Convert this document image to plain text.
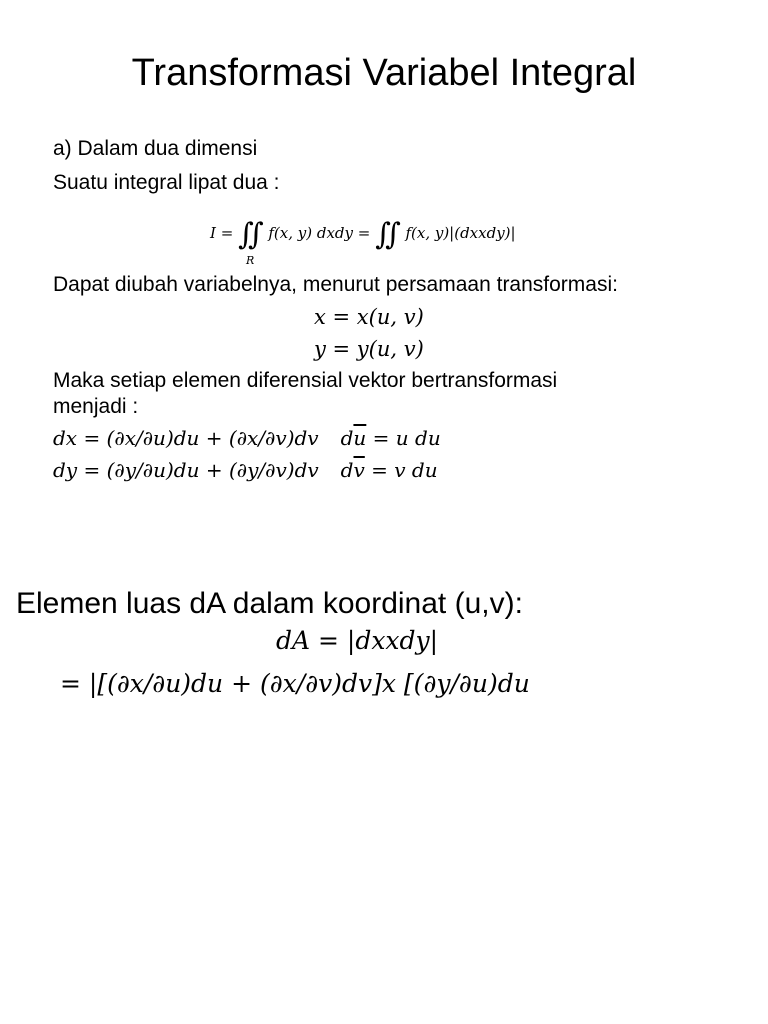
Transformasi Variabel Integral
a) Dalam dua dimensi
Suatu integral lipat dua :
I = ∬ f(x, y) dxdy = ∬ f(x, y)|(dxxdy)|
R
Dapat diubah variabelnya, menurut persamaan transformasi:
x = x(u, v)
y = y(u, v)
Maka setiap elemen diferensial vektor bertransformasi
menjadi :
dx = (∂x/∂u)du + (∂x/∂v)dv $d\overline{u} = u$ du
dy = (∂y/∂u)du + (∂y/∂v)dv $d\overline{v} = v$ du
Elemen luas dA dalam koordinat (u,v):
dA = |dxxdy|
= |[(∂x/∂u)du + (∂x/∂v)dv]x [(∂y/∂u)du
